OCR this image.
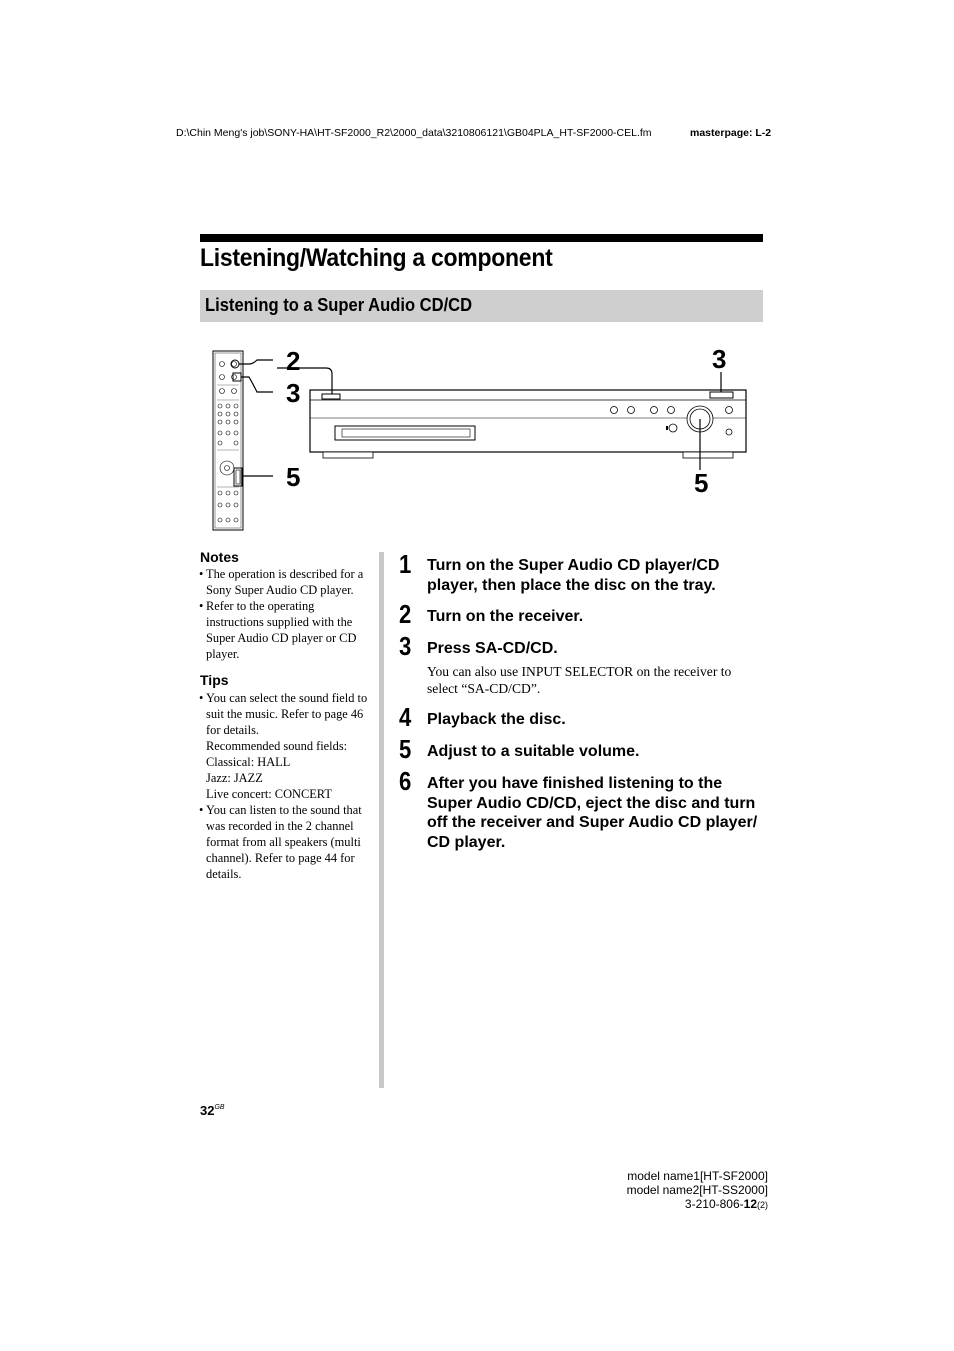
D:\Chin Meng's job\SONY-HA\HT-SF2000_R2\2000_data\3210806121\GB04PLA_HT-SF2000-CEL.fm	masterpage: L-2
Listening/Watching a component
Listening to a Super Audio CD/CD
2
3
5
3
5
Notes
• The operation is described for a Sony Super Audio CD player.
• Refer to the operating instructions supplied with the Super Audio CD player or CD player.
Tips
• You can select the sound field to suit the music. Refer to page 46 for details.
Recommended sound fields:
Classical: HALL
Jazz: JAZZ
Live concert: CONCERT
• You can listen to the sound that was recorded in the 2 channel format from all speakers (multi channel). Refer to page 44 for details.
1 Turn on the Super Audio CD player/CD player, then place the disc on the tray.
2 Turn on the receiver.
3 Press SA-CD/CD.
You can also use INPUT SELECTOR on the receiver to select “SA-CD/CD”.
4 Playback the disc.
5 Adjust to a suitable volume.
6 After you have finished listening to the Super Audio CD/CD, eject the disc and turn off the receiver and Super Audio CD player/ CD player.
$32^{GB}$
model name1[HT-SF2000]
model name2[HT-SS2000]
3-210-806-12(2)
